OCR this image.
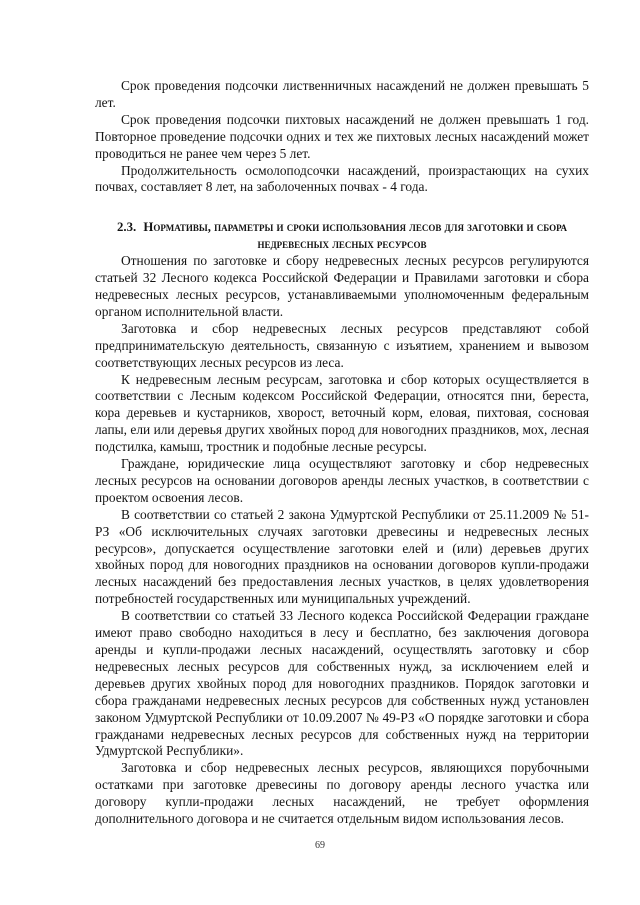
Срок проведения подсочки лиственничных насаждений не должен превышать 5 лет.

Срок проведения подсочки пихтовых насаждений не должен превышать 1 год. Повторное проведение подсочки одних и тех же пихтовых лесных насаждений может проводиться не ранее чем через 5 лет.

Продолжительность осмолоподсочки насаждений, произрастающих на сухих почвах, составляет 8 лет, на заболоченных почвах - 4 года.

2.3. Нормативы, параметры и сроки использования лесов для заготовки и сбора недревесных лесных ресурсов

Отношения по заготовке и сбору недревесных лесных ресурсов регулируются статьей 32 Лесного кодекса Российской Федерации и Правилами заготовки и сбора недревесных лесных ресурсов, устанавливаемыми уполномоченным федеральным органом исполнительной власти.

Заготовка и сбор недревесных лесных ресурсов представляют собой предпринимательскую деятельность, связанную с изъятием, хранением и вывозом соответствующих лесных ресурсов из леса.

К недревесным лесным ресурсам, заготовка и сбор которых осуществляется в соответствии с Лесным кодексом Российской Федерации, относятся пни, береста, кора деревьев и кустарников, хворост, веточный корм, еловая, пихтовая, сосновая лапы, ели или деревья других хвойных пород для новогодних праздников, мох, лесная подстилка, камыш, тростник и подобные лесные ресурсы.

Граждане, юридические лица осуществляют заготовку и сбор недревесных лесных ресурсов на основании договоров аренды лесных участков, в соответствии с проектом освоения лесов.

В соответствии со статьей 2 закона Удмуртской Республики от 25.11.2009 № 51-РЗ «Об исключительных случаях заготовки древесины и недревесных лесных ресурсов», допускается осуществление заготовки елей и (или) деревьев других хвойных пород для новогодних праздников на основании договоров купли-продажи лесных насаждений без предоставления лесных участков, в целях удовлетворения потребностей государственных или муниципальных учреждений.

В соответствии со статьей 33 Лесного кодекса Российской Федерации граждане имеют право свободно находиться в лесу и бесплатно, без заключения договора аренды и купли-продажи лесных насаждений, осуществлять заготовку и сбор недревесных лесных ресурсов для собственных нужд, за исключением елей и деревьев других хвойных пород для новогодних праздников. Порядок заготовки и сбора гражданами недревесных лесных ресурсов для собственных нужд установлен законом Удмуртской Республики от 10.09.2007 № 49-РЗ «О порядке заготовки и сбора гражданами недревесных лесных ресурсов для собственных нужд на территории Удмуртской Республики».

Заготовка и сбор недревесных лесных ресурсов, являющихся порубочными остатками при заготовке древесины по договору аренды лесного участка или договору купли-продажи лесных насаждений, не требует оформления дополнительного договора и не считается отдельным видом использования лесов.

69
